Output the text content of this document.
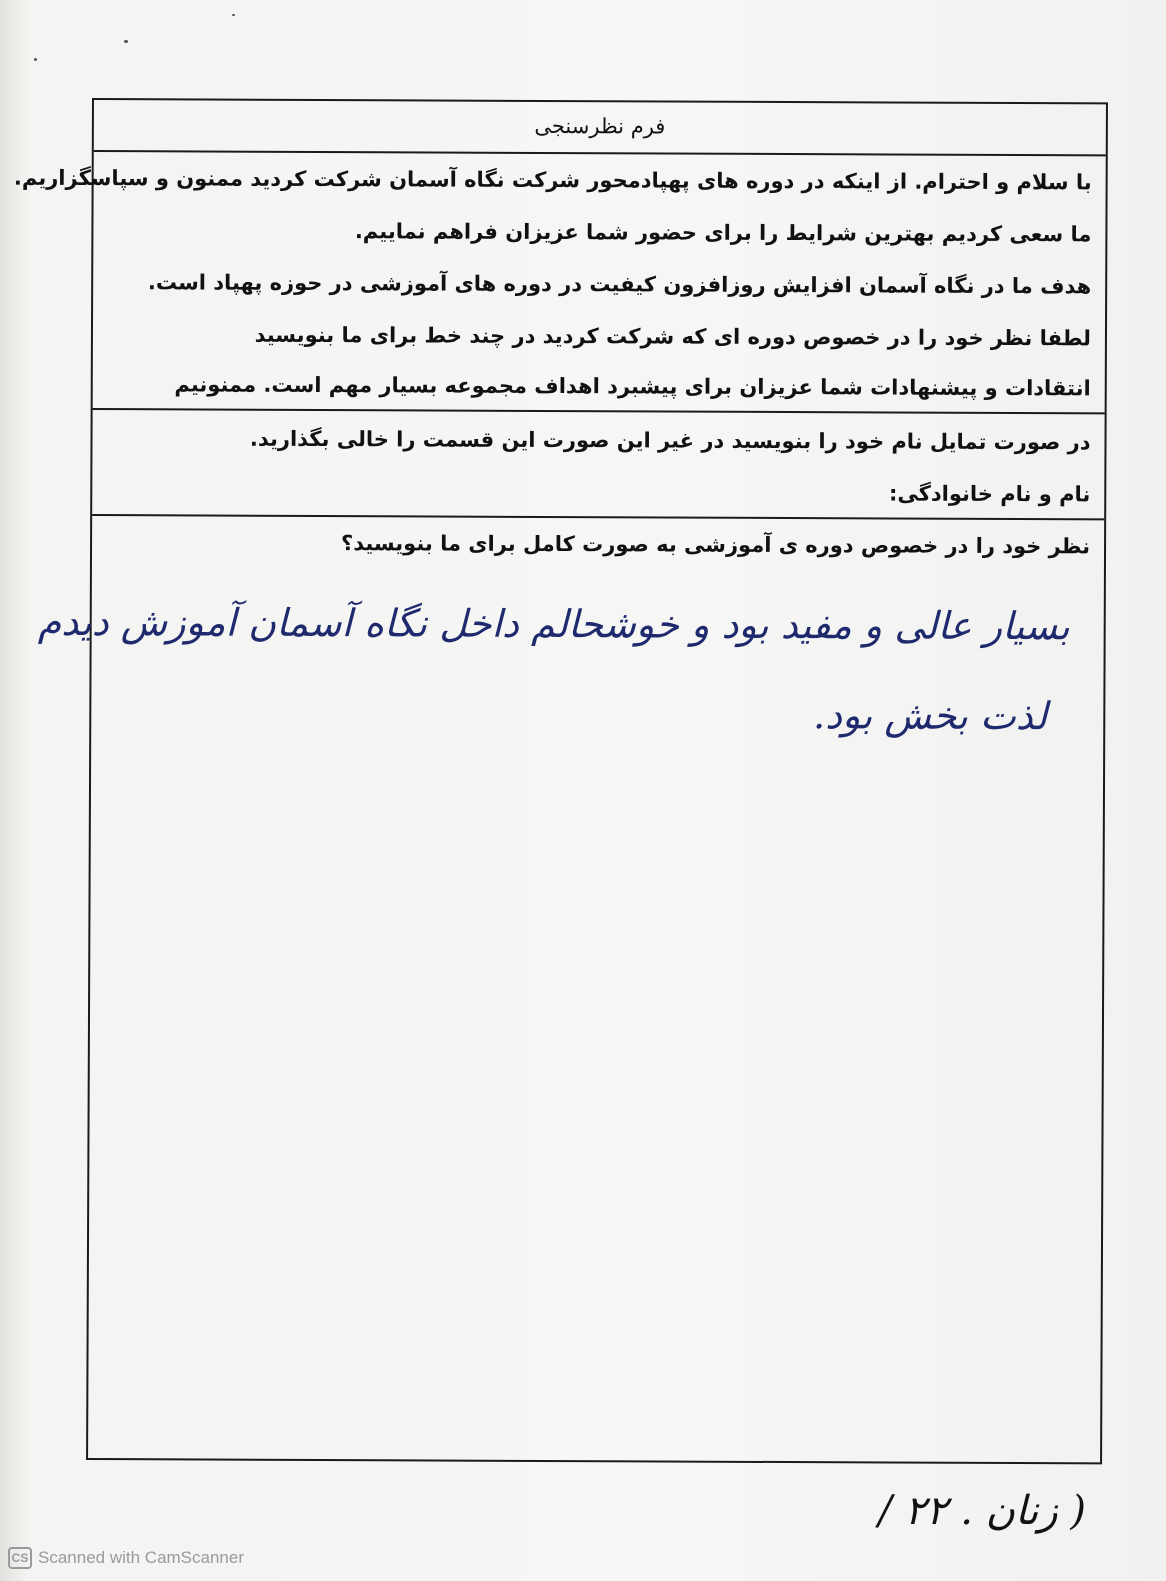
فرم نظرسنجی
با سلام و احترام. از اینکه در دوره های پهپادمحور شرکت نگاه آسمان شرکت کردید ممنون و سپاسگزاریم.
ما سعی کردیم بهترین شرایط را برای حضور شما عزیزان فراهم نماییم.
هدف ما در نگاه آسمان افزایش روزافزون کیفیت در دوره های آموزشی در حوزه پهپاد است.
لطفا نظر خود را در خصوص دوره ای که شرکت کردید در چند خط برای ما بنویسید
انتقادات و پیشنهادات شما عزیزان برای پیشبرد اهداف مجموعه بسیار مهم است. ممنونیم
در صورت تمایل نام خود را بنویسید در غیر این صورت این قسمت را خالی بگذارید.
نام و نام خانوادگی:
نظر خود را در خصوص دوره ی آموزشی به صورت کامل برای ما بنویسید؟
بسیار عالی و مفید بود و خوشحالم داخل نگاه آسمان آموزش دیدم
لذت بخش بود.
( زنان . ۲۲ /
CS Scanned with CamScanner
